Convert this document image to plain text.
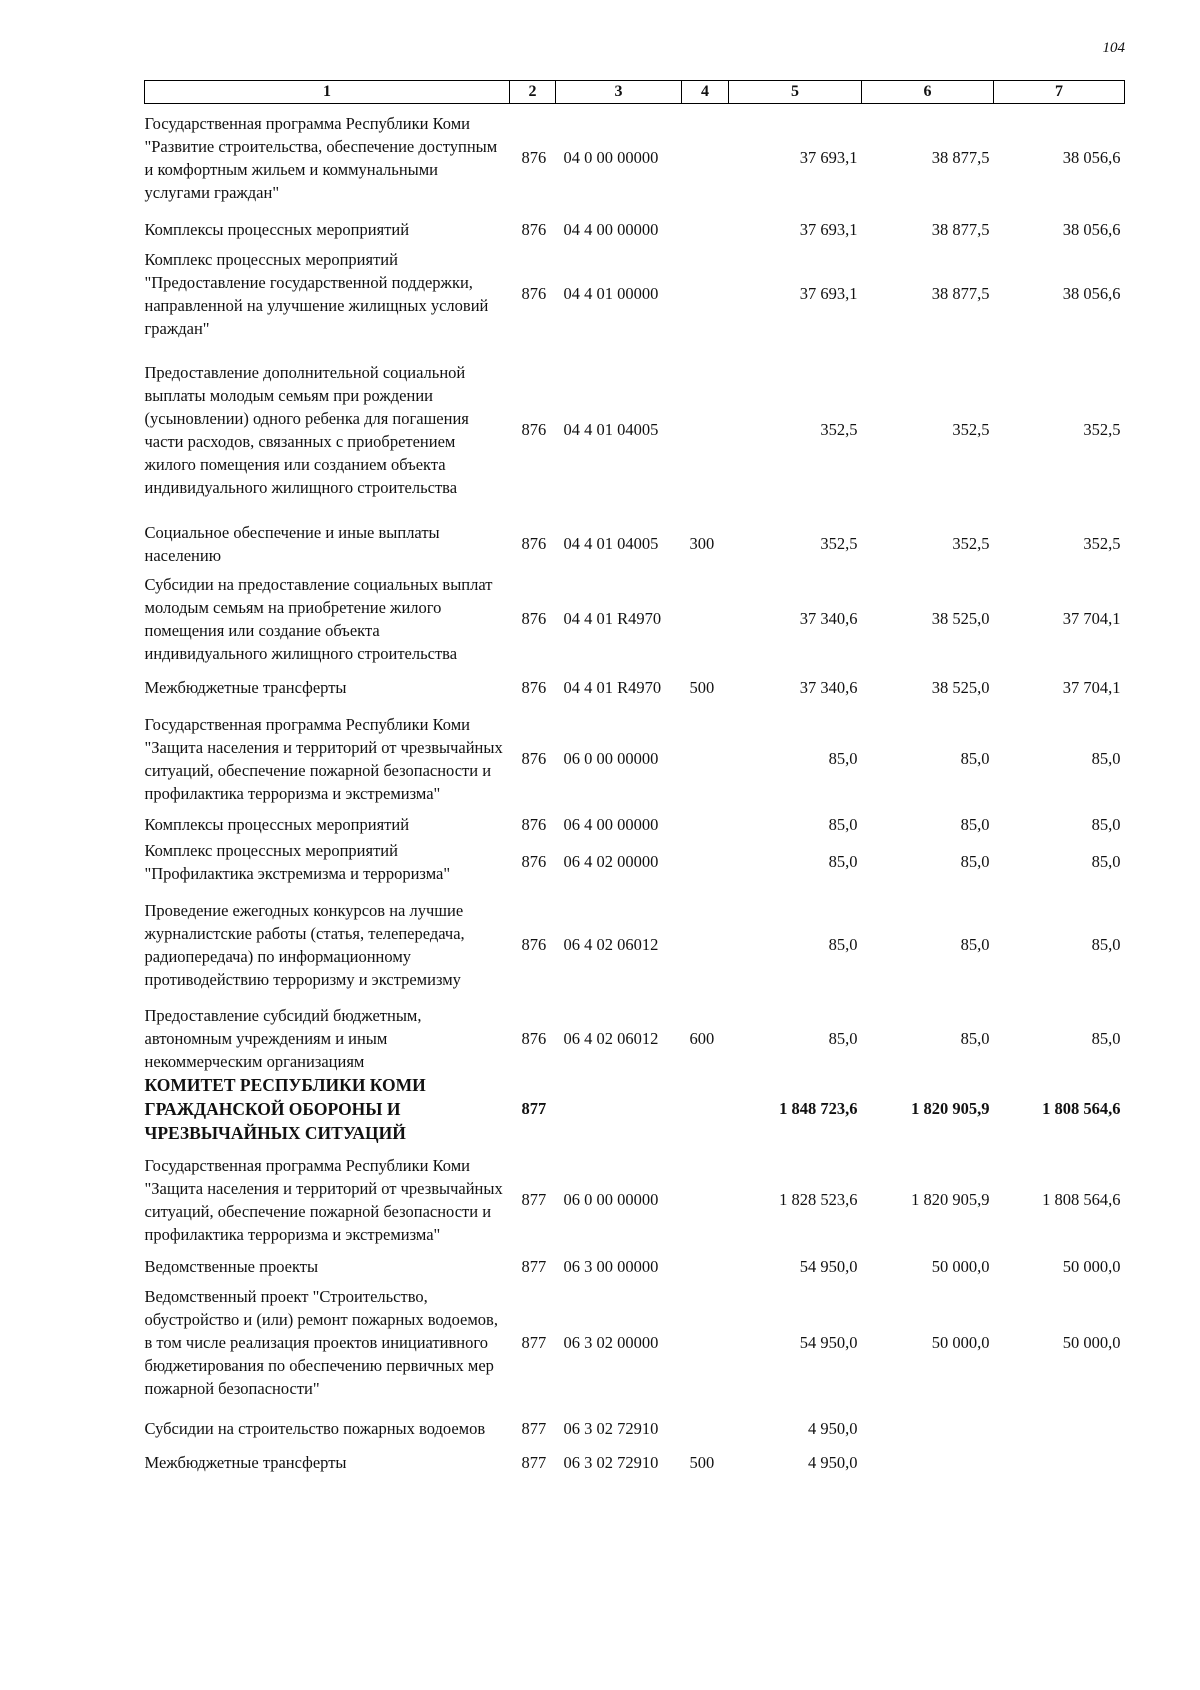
104
1	2	3	4	5	6	7
Государственная программа Республики Коми "Развитие строительства, обеспечение доступным и комфортным жильем и коммунальными услугами граждан"	876	04 0 00 00000		37 693,1	38 877,5	38 056,6
Комплексы процессных мероприятий	876	04 4 00 00000		37 693,1	38 877,5	38 056,6
Комплекс процессных мероприятий "Предоставление государственной поддержки, направленной на улучшение жилищных условий граждан"	876	04 4 01 00000		37 693,1	38 877,5	38 056,6
Предоставление дополнительной социальной выплаты молодым семьям при рождении (усыновлении) одного ребенка для погашения части расходов, связанных с приобретением жилого помещения или созданием объекта индивидуального жилищного строительства	876	04 4 01 04005		352,5	352,5	352,5
Социальное обеспечение и иные выплаты населению	876	04 4 01 04005	300	352,5	352,5	352,5
Субсидии на предоставление социальных выплат молодым семьям на приобретение жилого помещения или создание объекта индивидуального жилищного строительства	876	04 4 01 R4970		37 340,6	38 525,0	37 704,1
Межбюджетные трансферты	876	04 4 01 R4970	500	37 340,6	38 525,0	37 704,1
Государственная программа Республики Коми "Защита населения и территорий от чрезвычайных ситуаций, обеспечение пожарной безопасности и профилактика терроризма и экстремизма"	876	06 0 00 00000		85,0	85,0	85,0
Комплексы процессных мероприятий	876	06 4 00 00000		85,0	85,0	85,0
Комплекс процессных мероприятий "Профилактика экстремизма и терроризма"	876	06 4 02 00000		85,0	85,0	85,0
Проведение ежегодных конкурсов на лучшие журналистские работы (статья, телепередача, радиопередача) по информационному противодействию терроризму и экстремизму	876	06 4 02 06012		85,0	85,0	85,0
Предоставление субсидий бюджетным, автономным учреждениям и иным некоммерческим организациям	876	06 4 02 06012	600	85,0	85,0	85,0
КОМИТЕТ РЕСПУБЛИКИ КОМИ ГРАЖДАНСКОЙ ОБОРОНЫ И ЧРЕЗВЫЧАЙНЫХ СИТУАЦИЙ	877			1 848 723,6	1 820 905,9	1 808 564,6
Государственная программа Республики Коми "Защита населения и территорий от чрезвычайных ситуаций, обеспечение пожарной безопасности и профилактика терроризма и экстремизма"	877	06 0 00 00000		1 828 523,6	1 820 905,9	1 808 564,6
Ведомственные проекты	877	06 3 00 00000		54 950,0	50 000,0	50 000,0
Ведомственный проект "Строительство, обустройство и (или) ремонт пожарных водоемов, в том числе реализация проектов инициативного бюджетирования по обеспечению первичных мер пожарной безопасности"	877	06 3 02 00000		54 950,0	50 000,0	50 000,0
Субсидии на строительство пожарных водоемов	877	06 3 02 72910		4 950,0		
Межбюджетные трансферты	877	06 3 02 72910	500	4 950,0		
